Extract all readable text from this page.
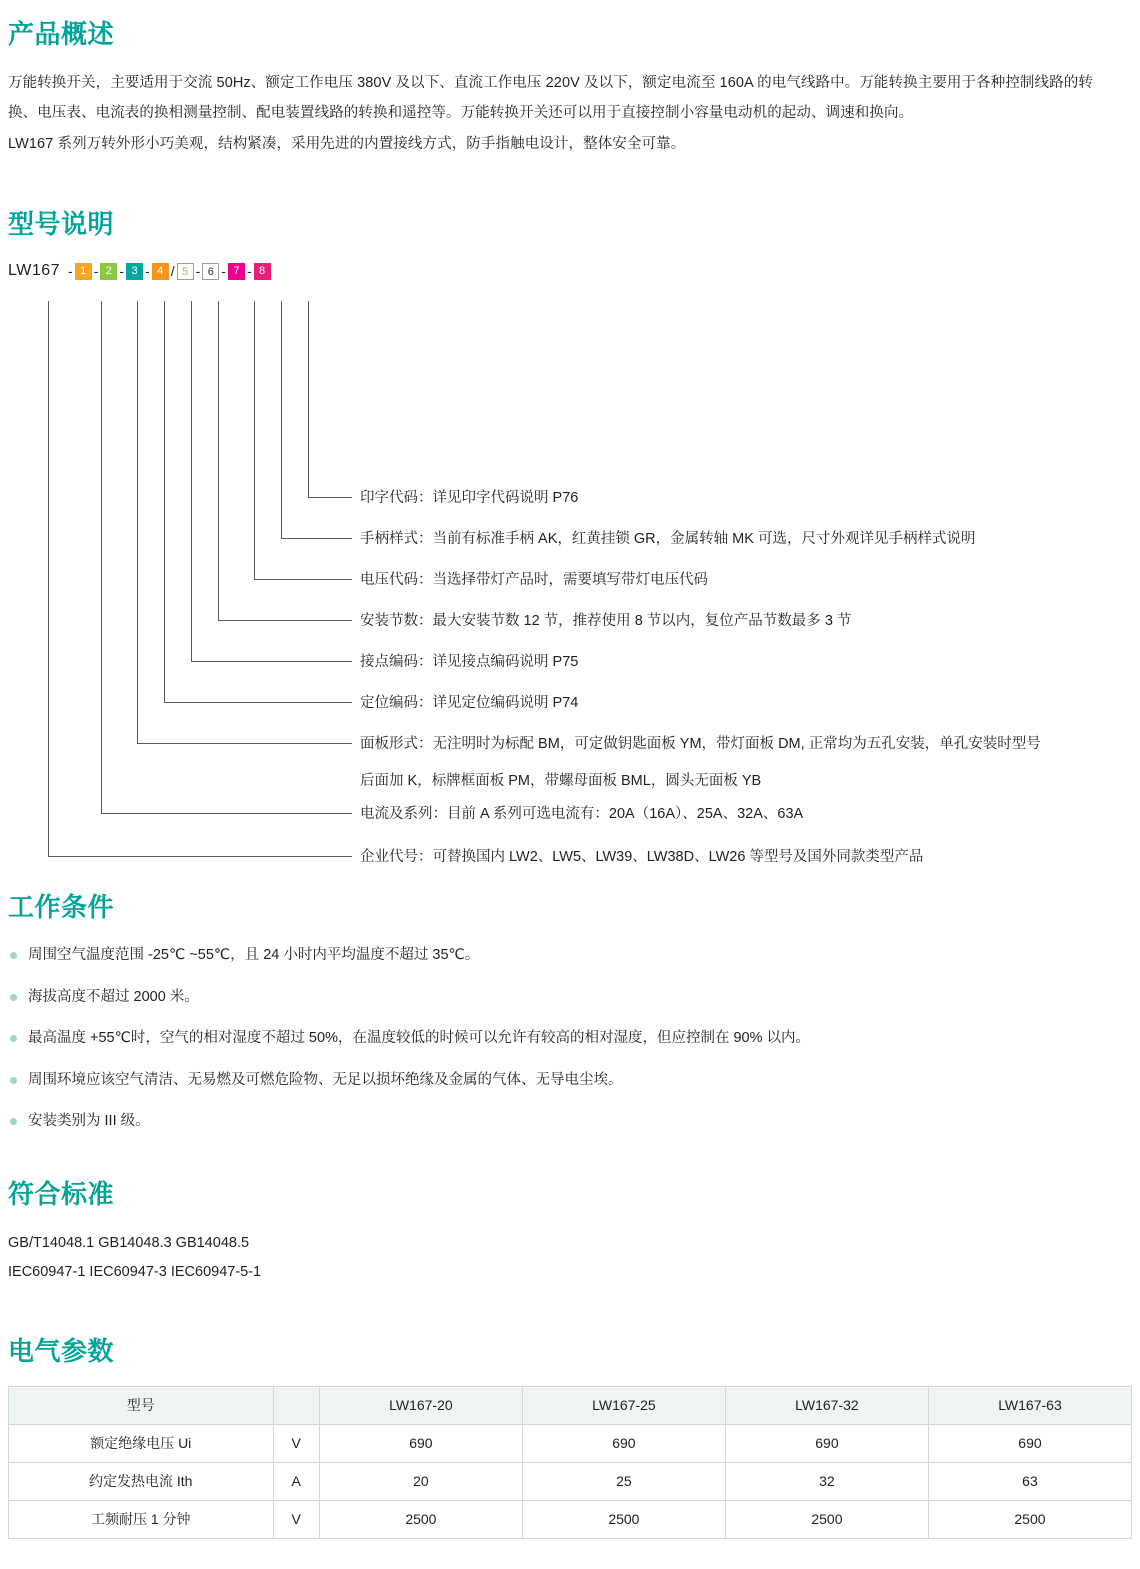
产品概述

万能转换开关，主要适用于交流 50Hz、额定工作电压 380V 及以下、直流工作电压 220V 及以下，额定电流至 160A 的电气线路中。万能转换主要用于各种控制线路的转换、电压表、电流表的换相测量控制、配电装置线路的转换和遥控等。万能转换开关还可以用于直接控制小容量电动机的起动、调速和换向。

LW167 系列万转外形小巧美观，结构紧凑，采用先进的内置接线方式，防手指触电设计，整体安全可靠。

型号说明
LW167 - 1 - 2 - 3 - 4 / 5 - 6 - 7 - 8
印字代码：详见印字代码说明 P76
手柄样式：当前有标准手柄 AK，红黄挂锁 GR，金属转轴 MK 可选，尺寸外观详见手柄样式说明
电压代码：当选择带灯产品时，需要填写带灯电压代码
安装节数：最大安装节数 12 节，推荐使用 8 节以内，复位产品节数最多 3 节
接点编码：详见接点编码说明 P75
定位编码：详见定位编码说明 P74
面板形式：无注明时为标配 BM，可定做钥匙面板 YM，带灯面板 DM, 正常均为五孔安装，单孔安装时型号
后面加 K，标牌框面板 PM，带螺母面板 BML，圆头无面板 YB
电流及系列：目前 A 系列可选电流有：20A（16A）、25A、32A、63A
企业代号：可替换国内 LW2、LW5、LW39、LW38D、LW26 等型号及国外同款类型产品
工作条件
周围空气温度范围 -25℃ ~55℃，且 24 小时内平均温度不超过 35℃。
海拔高度不超过 2000 米。
最高温度 +55℃时，空气的相对湿度不超过 50%，在温度较低的时候可以允许有较高的相对湿度，但应控制在 90% 以内。
周围环境应该空气清洁、无易燃及可燃危险物、无足以损坏绝缘及金属的气体、无导电尘埃。
安装类别为 III 级。
符合标准

GB/T14048.1 GB14048.3 GB14048.5

IEC60947-1 IEC60947-3 IEC60947-5-1

电气参数
型号		LW167-20	LW167-25	LW167-32	LW167-63
额定绝缘电压 Ui	V	690	690	690	690
约定发热电流 Ith	A	20	25	32	63
工频耐压 1 分钟	V	2500	2500	2500	2500
